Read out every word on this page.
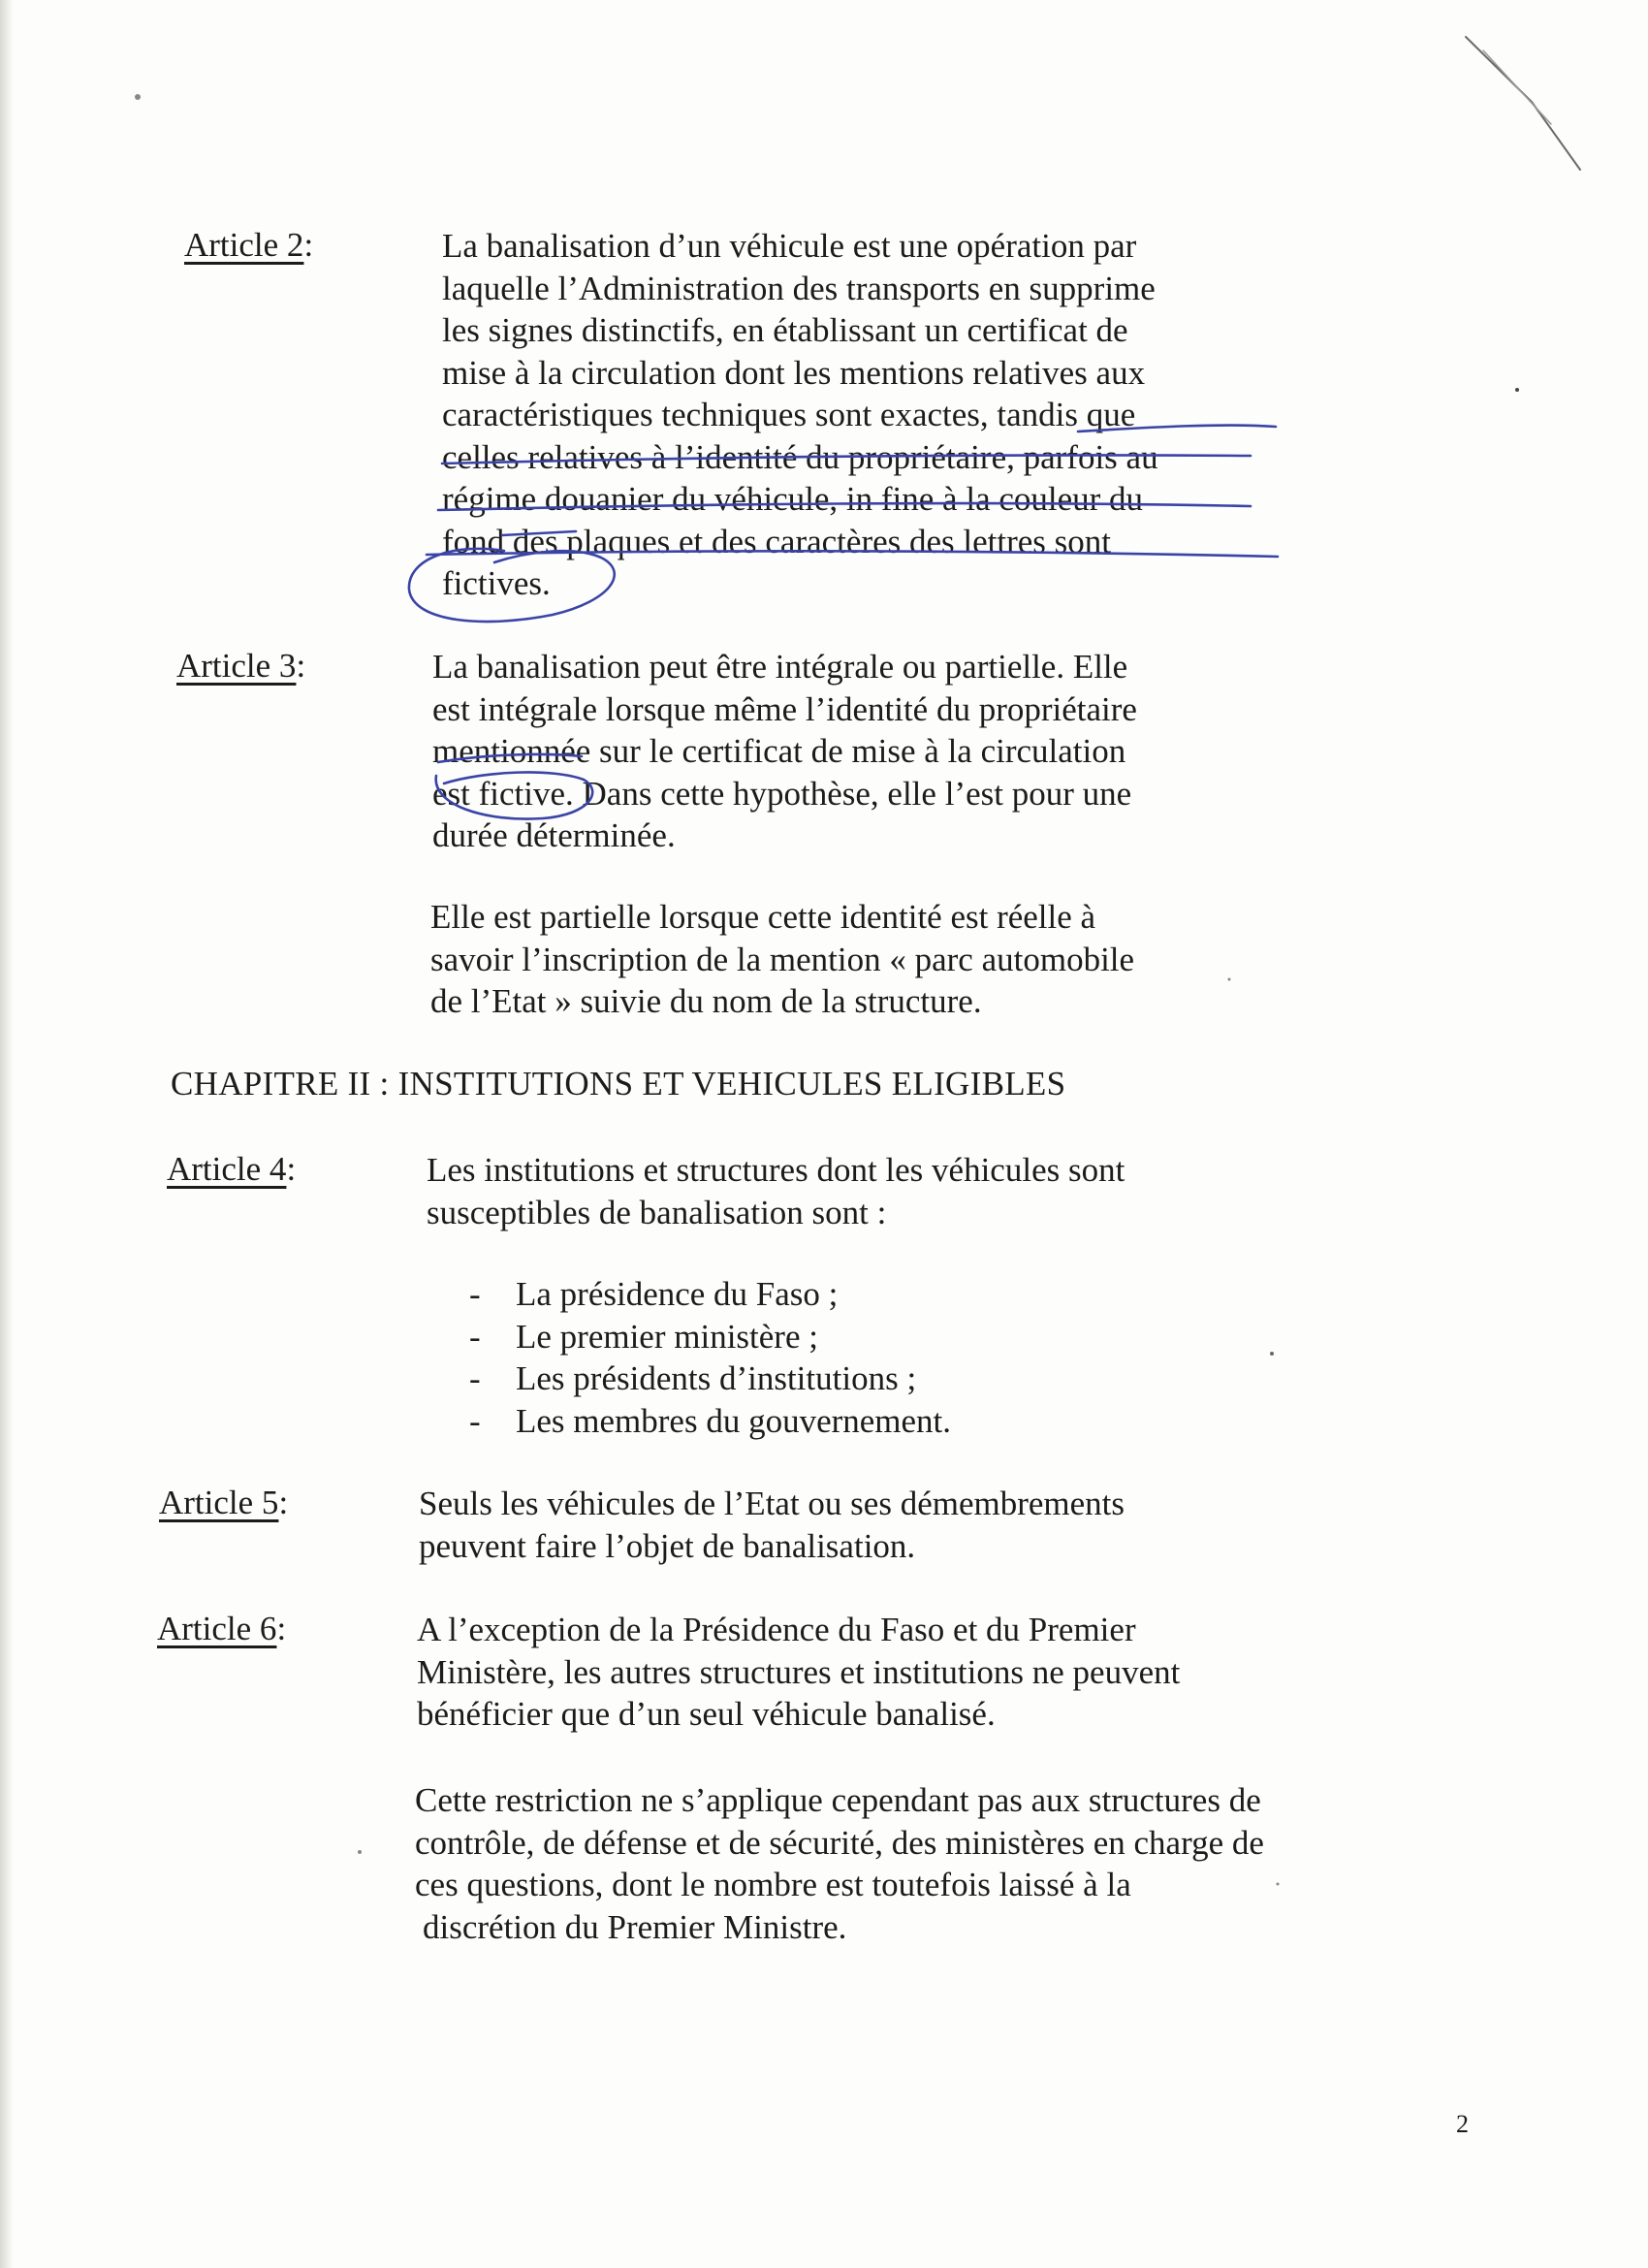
Article 2:	La banalisation d’un véhicule est une opération par
laquelle l’Administration des transports en supprime
les signes distinctifs, en établissant un certificat de
mise à la circulation dont les mentions relatives aux
caractéristiques techniques sont exactes, tandis que
celles relatives à l’identité du propriétaire, parfois au
régime douanier du véhicule, in fine à la couleur du
fond des plaques et des caractères des lettres sont
fictives.
Article 3:	La banalisation peut être intégrale ou partielle. Elle
est intégrale lorsque même l’identité du propriétaire
mentionnée sur le certificat de mise à la circulation
est fictive. Dans cette hypothèse, elle l’est pour une
durée déterminée.
Elle est partielle lorsque cette identité est réelle à
savoir l’inscription de la mention « parc automobile
de l’Etat » suivie du nom de la structure.
CHAPITRE II : INSTITUTIONS ET VEHICULES ELIGIBLES
Article 4:	Les institutions et structures dont les véhicules sont
susceptibles de banalisation sont :
- La présidence du Faso ;
- Le premier ministère ;
- Les présidents d’institutions ;
- Les membres du gouvernement.
Article 5:	Seuls les véhicules de l’Etat ou ses démembrements
peuvent faire l’objet de banalisation.
Article 6:	A l’exception de la Présidence du Faso et du Premier
Ministère, les autres structures et institutions ne peuvent
bénéficier que d’un seul véhicule banalisé.
Cette restriction ne s’applique cependant pas aux structures de
contrôle, de défense et de sécurité, des ministères en charge de
ces questions, dont le nombre est toutefois laissé à la
discrétion du Premier Ministre.
2
